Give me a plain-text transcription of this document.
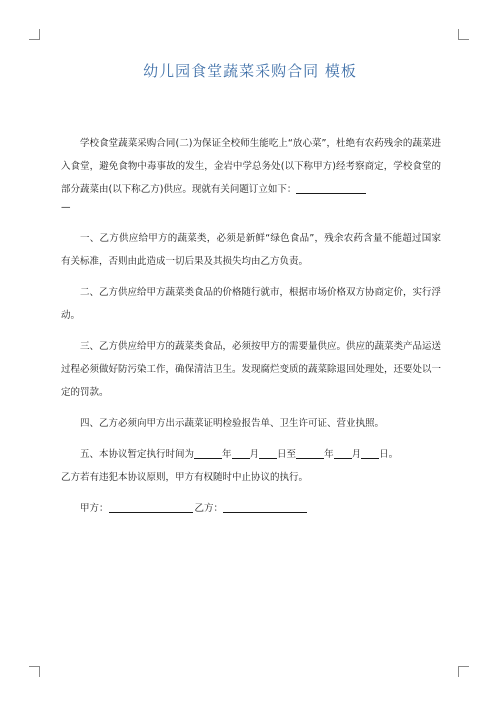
幼儿园食堂蔬菜采购合同 模板

学校食堂蔬菜采购合同(二)为保证全校师生能吃上“放心菜”，杜绝有农药残余的蔬菜进入食堂，避免食物中毒事故的发生，金岩中学总务处(以下称甲方)经考察商定，学校食堂的部分蔬菜由(以下称乙方)供应。现就有关问题订立如下：

—

一、乙方供应给甲方的蔬菜类，必须是新鲜“绿色食品”，残余农药含量不能超过国家有关标准，否则由此造成一切后果及其损失均由乙方负责。

二、乙方供应给甲方蔬菜类食品的价格随行就市，根据市场价格双方协商定价，实行浮动。

三、乙方供应给甲方的蔬菜类食品，必须按甲方的需要量供应。供应的蔬菜类产品运送过程必须做好防污染工作，确保清洁卫生。发现腐烂变质的蔬菜除退回处理处，还要处以一定的罚款。

四、乙方必须向甲方出示蔬菜证明检验报告单、卫生许可证、营业执照。

五、本协议暂定执行时间为	年 月 日至	年 月 日。
乙方若有违犯本协议原则，甲方有权随时中止协议的执行。

甲方：	乙方：
